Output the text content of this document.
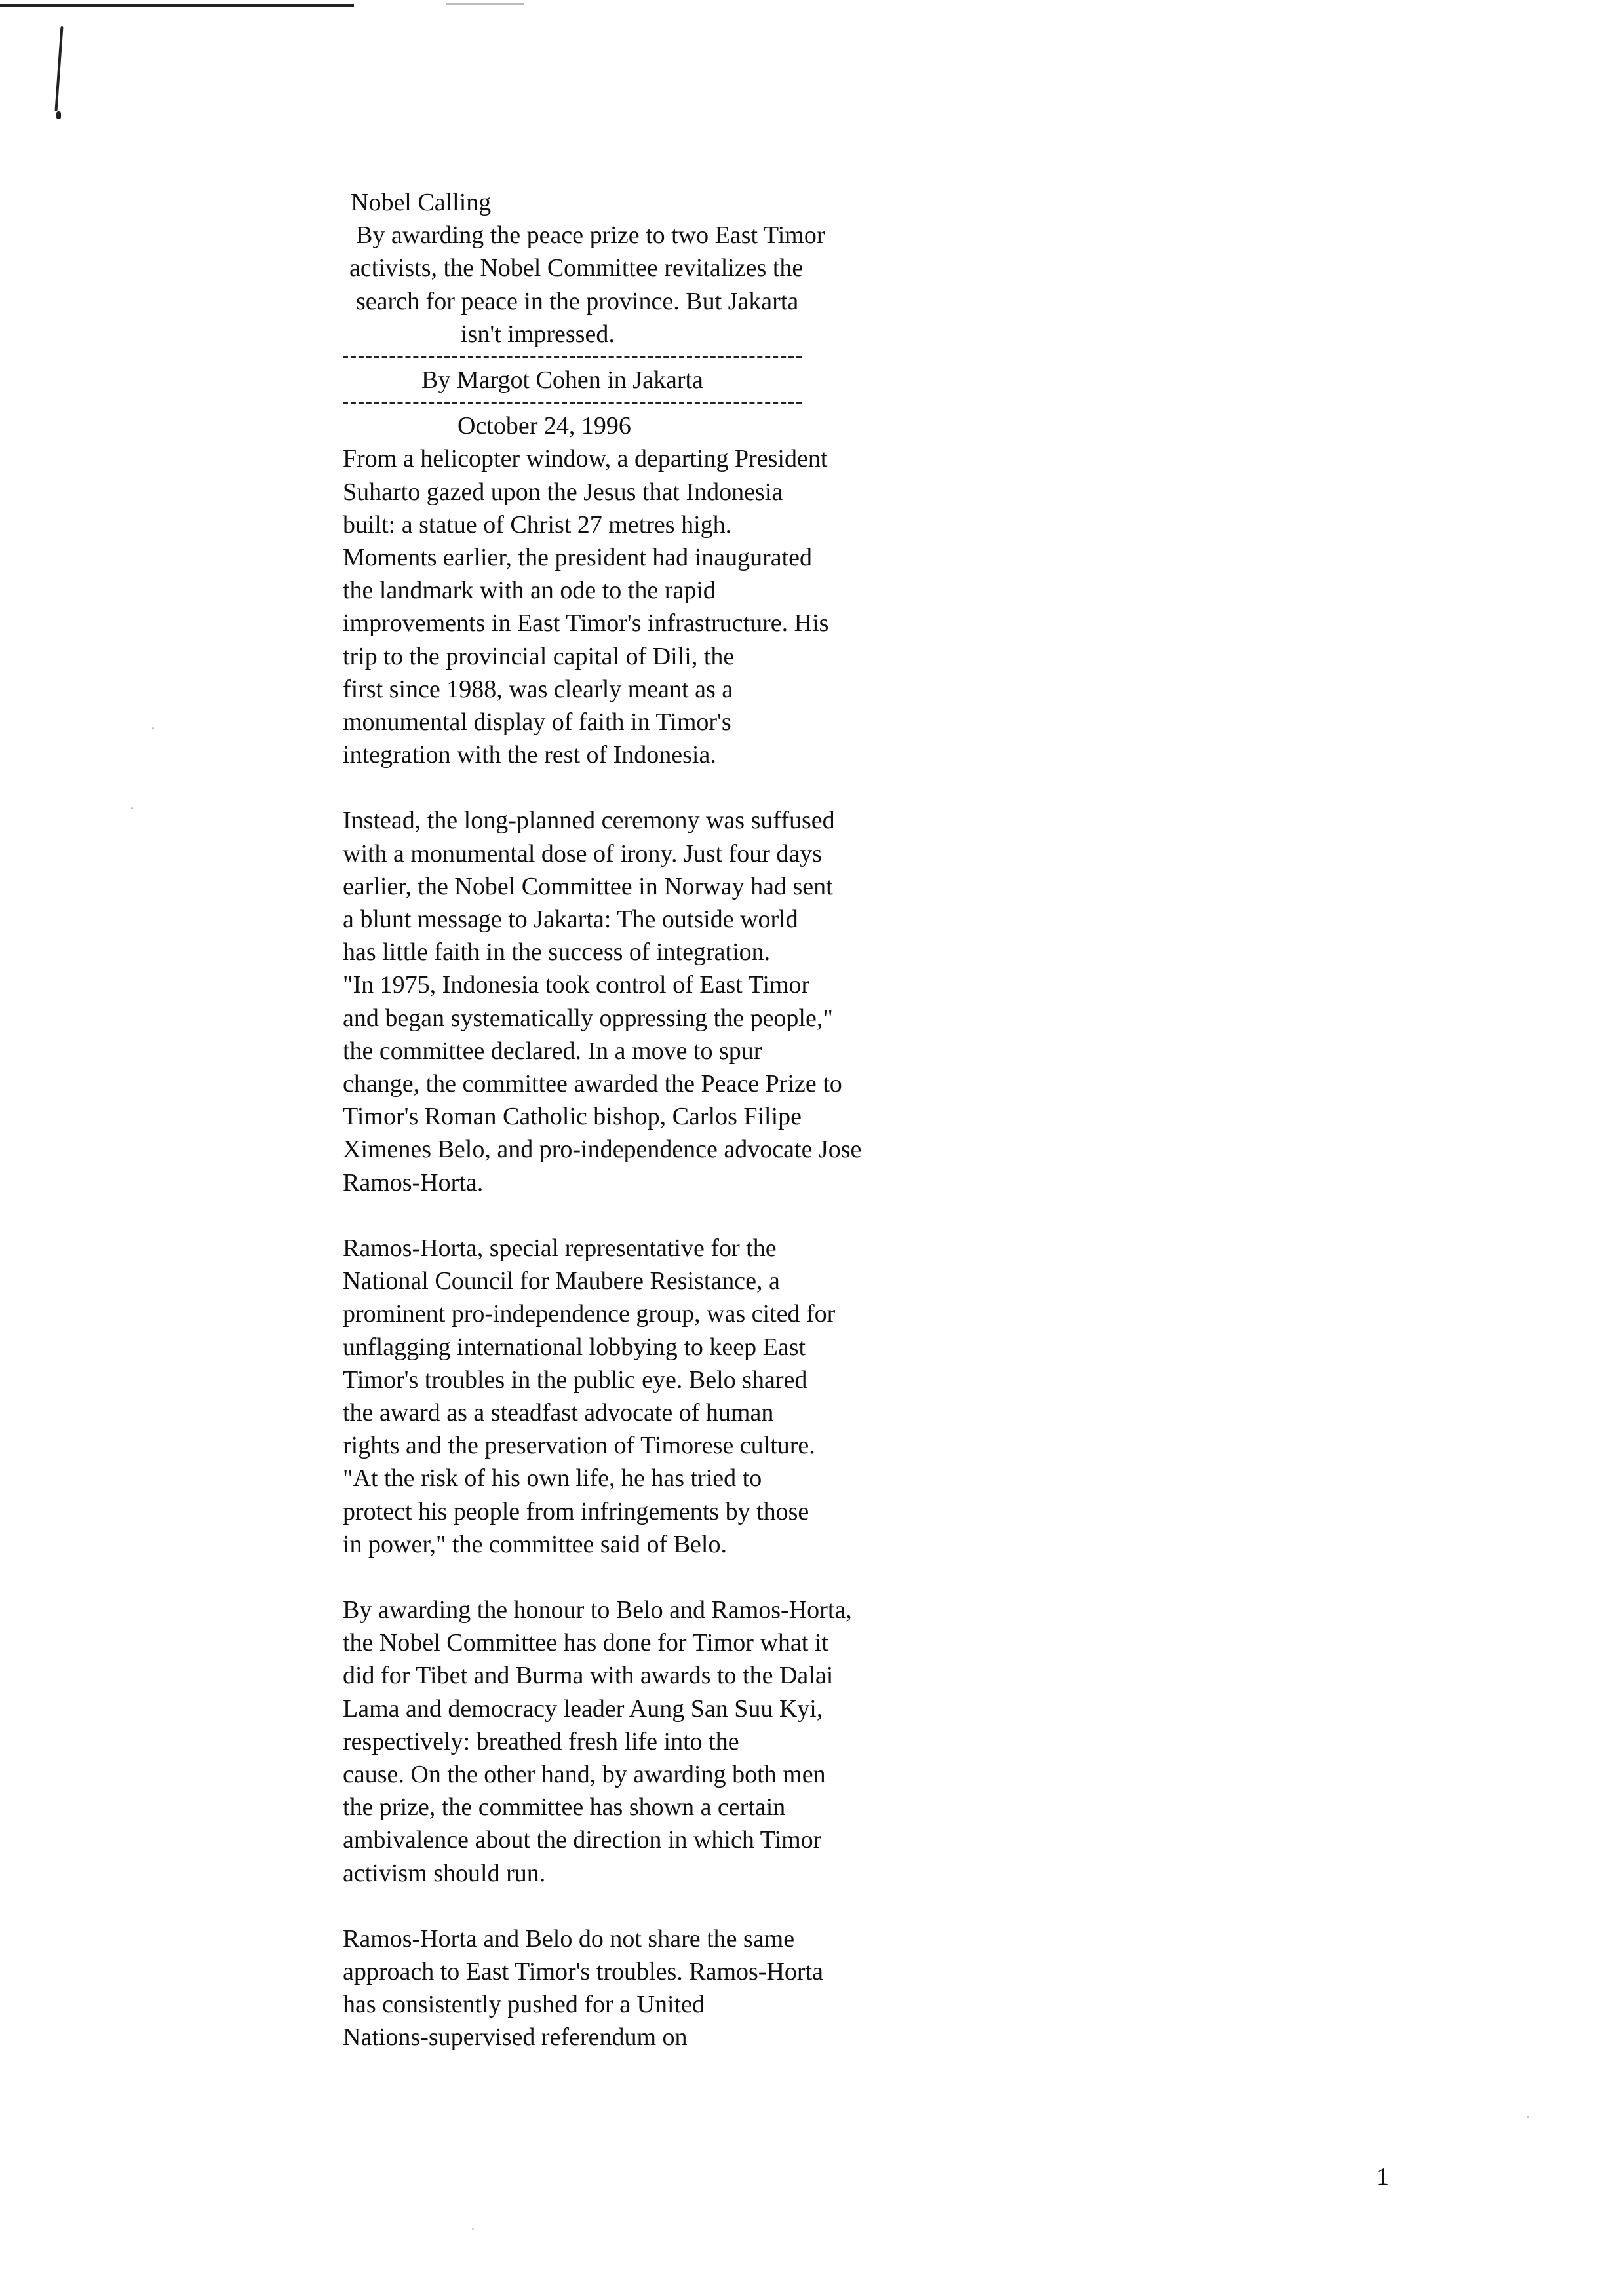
Nobel Calling
By awarding the peace prize to two East Timor
activists, the Nobel Committee revitalizes the
search for peace in the province. But Jakarta
isn't impressed.
By Margot Cohen in Jakarta
October 24, 1996
From a helicopter window, a departing President
Suharto gazed upon the Jesus that Indonesia
built: a statue of Christ 27 metres high.
Moments earlier, the president had inaugurated
the landmark with an ode to the rapid
improvements in East Timor's infrastructure. His
trip to the provincial capital of Dili, the
first since 1988, was clearly meant as a
monumental display of faith in Timor's
integration with the rest of Indonesia.
Instead, the long-planned ceremony was suffused
with a monumental dose of irony. Just four days
earlier, the Nobel Committee in Norway had sent
a blunt message to Jakarta: The outside world
has little faith in the success of integration.
"In 1975, Indonesia took control of East Timor
and began systematically oppressing the people,"
the committee declared. In a move to spur
change, the committee awarded the Peace Prize to
Timor's Roman Catholic bishop, Carlos Filipe
Ximenes Belo, and pro-independence advocate Jose
Ramos-Horta.
Ramos-Horta, special representative for the
National Council for Maubere Resistance, a
prominent pro-independence group, was cited for
unflagging international lobbying to keep East
Timor's troubles in the public eye. Belo shared
the award as a steadfast advocate of human
rights and the preservation of Timorese culture.
"At the risk of his own life, he has tried to
protect his people from infringements by those
in power," the committee said of Belo.
By awarding the honour to Belo and Ramos-Horta,
the Nobel Committee has done for Timor what it
did for Tibet and Burma with awards to the Dalai
Lama and democracy leader Aung San Suu Kyi,
respectively: breathed fresh life into the
cause. On the other hand, by awarding both men
the prize, the committee has shown a certain
ambivalence about the direction in which Timor
activism should run.
Ramos-Horta and Belo do not share the same
approach to East Timor's troubles. Ramos-Horta
has consistently pushed for a United
Nations-supervised referendum on
1
